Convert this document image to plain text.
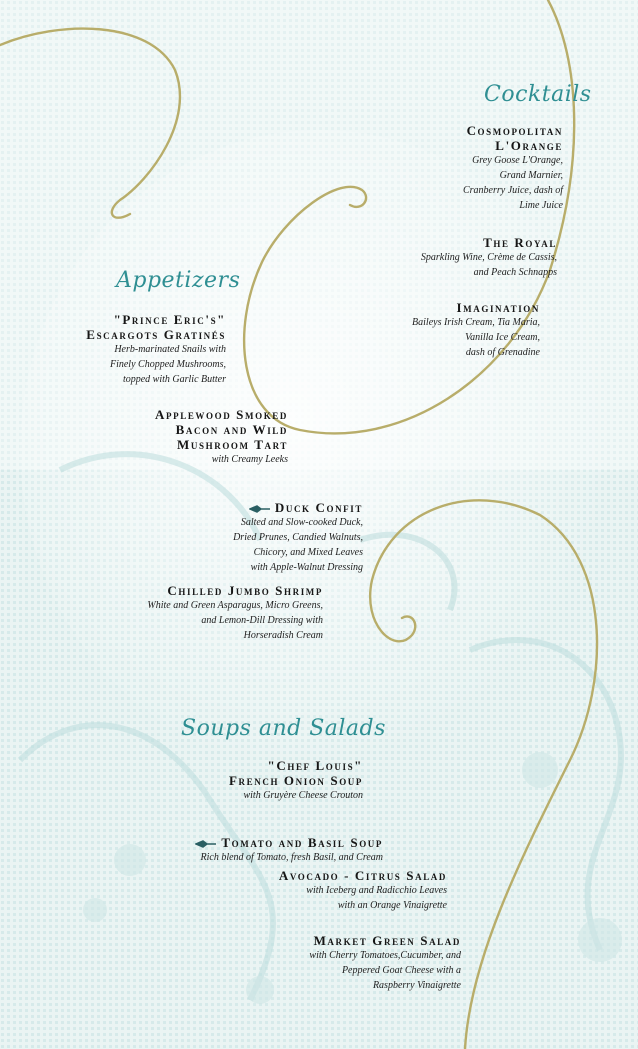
Cocktails
Cosmopolitan
L'Orange
Grey Goose L'Orange,
Grand Marnier,
Cranberry Juice, dash of
Lime Juice
The Royal
Sparkling Wine, Crème de Cassis,
and Peach Schnapps
Imagination
Baileys Irish Cream, Tia Maria,
Vanilla Ice Cream,
dash of Grenadine
Appetizers
"Prince Eric's"
Escargots Gratinés
Herb-marinated Snails with
Finely Chopped Mushrooms,
topped with Garlic Butter
Applewood Smoked
Bacon and Wild
Mushroom Tart
with Creamy Leeks

Duck Confit

Salted and Slow-cooked Duck,
Dried Prunes, Candied Walnuts,
Chicory, and Mixed Leaves
with Apple-Walnut Dressing
Chilled Jumbo Shrimp
White and Green Asparagus, Micro Greens,
and Lemon-Dill Dressing with
Horseradish Cream
Soups and Salads
"Chef Louis"
French Onion Soup
with Gruyère Cheese Crouton

Tomato and Basil Soup

Rich blend of Tomato, fresh Basil, and Cream
Avocado - Citrus Salad
with Iceberg and Radicchio Leaves
with an Orange Vinaigrette
Market Green Salad
with Cherry Tomatoes,Cucumber, and
Peppered Goat Cheese with a
Raspberry Vinaigrette
